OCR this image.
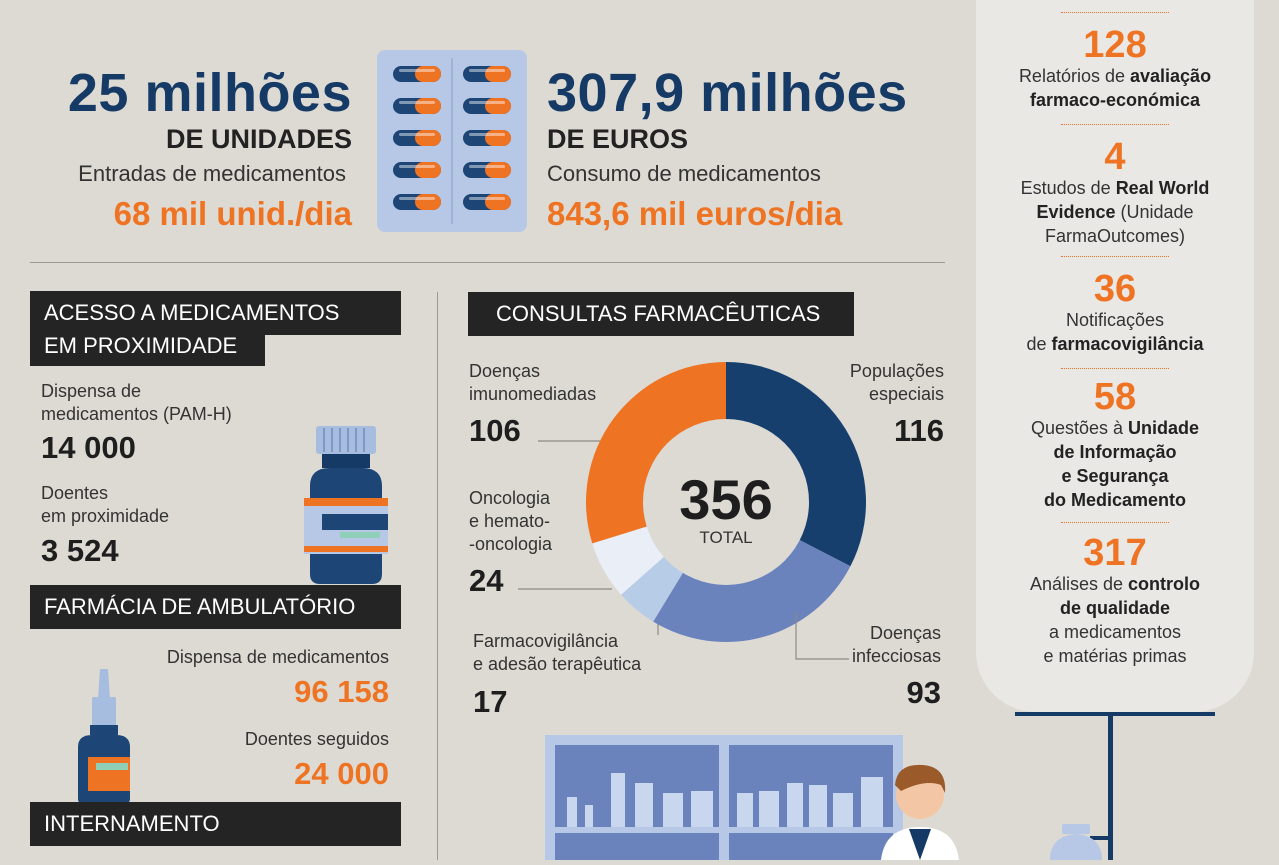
25 milhões
DE UNIDADES
Entradas de medicamentos
68 mil unid./dia
307,9 milhões
DE EUROS
Consumo de medicamentos
843,6 mil euros/dia
ACESSO A MEDICAMENTOS
EM PROXIMIDADE
Dispensa de
medicamentos (PAM-H)
14 000
Doentes
em proximidade
3 524
FARMÁCIA DE AMBULATÓRIO
Dispensa de medicamentos
96 158
Doentes seguidos
24 000
INTERNAMENTO
CONSULTAS FARMACÊUTICAS
356
TOTAL
Doenças
imunomediadas
106
Populações
especiais
116
Oncologia
e hemato-
-oncologia
24
Farmacovigilância
e adesão terapêutica
17
Doenças
infecciosas
93
128
Relatórios de avaliação
farmaco-económica
4
Estudos de Real World
Evidence (Unidade
FarmaOutcomes)
36
Notificações
de farmacovigilância
58
Questões à Unidade
de Informação
e Segurança
do Medicamento
317
Análises de controlo
de qualidade
a medicamentos
e matérias primas
